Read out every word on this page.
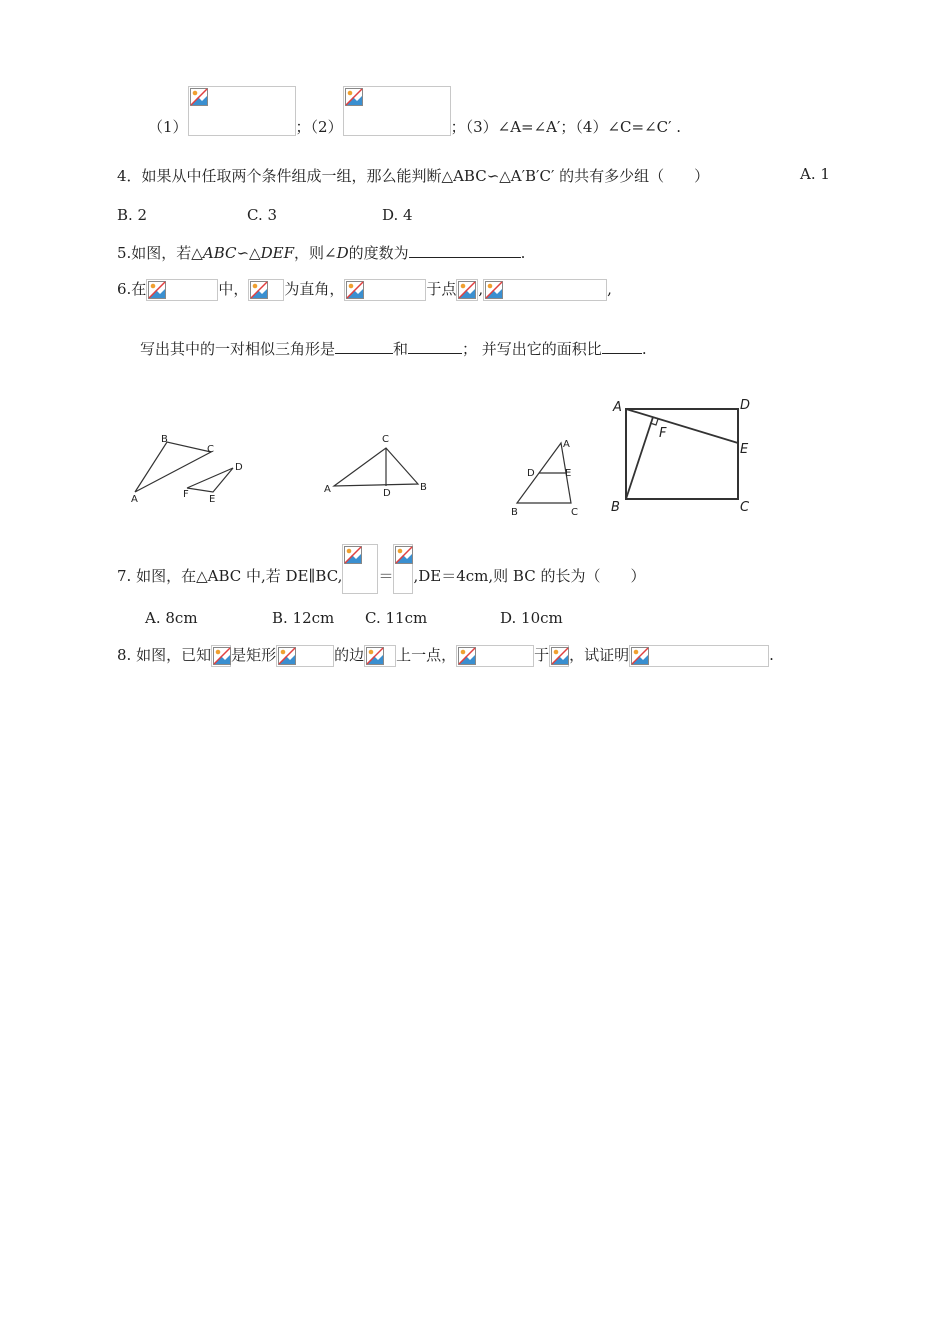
（1）	；（2）	；（3）∠A=∠A′；（4）∠C=∠C′ .
4．如果从中任取两个条件组成一组，那么能判断△ABC∽△A′B′C′ 的共有多少组（　　）	A. 1
B. 2	C. 3	D. 4
5.如图，若△ABC∽△DEF，则∠D的度数为	.
6.在	中， 为直角，	于点 ,	,
写出其中的一对相似三角形是	和	； 并写出它的面积比	.
B
C
A
D
F E
C
A	D
B
A
D	E
B	C
A	D
F
E
B	C
7. 如图，在△ABC 中,若 DE∥BC, ＝ ,DE＝4cm,则 BC 的长为（　　）
A. 8cm	B. 12cm C. 11cm	D. 10cm
8. 如图，已知 是矩形	的边 上一点，	于 ，试证明	.
